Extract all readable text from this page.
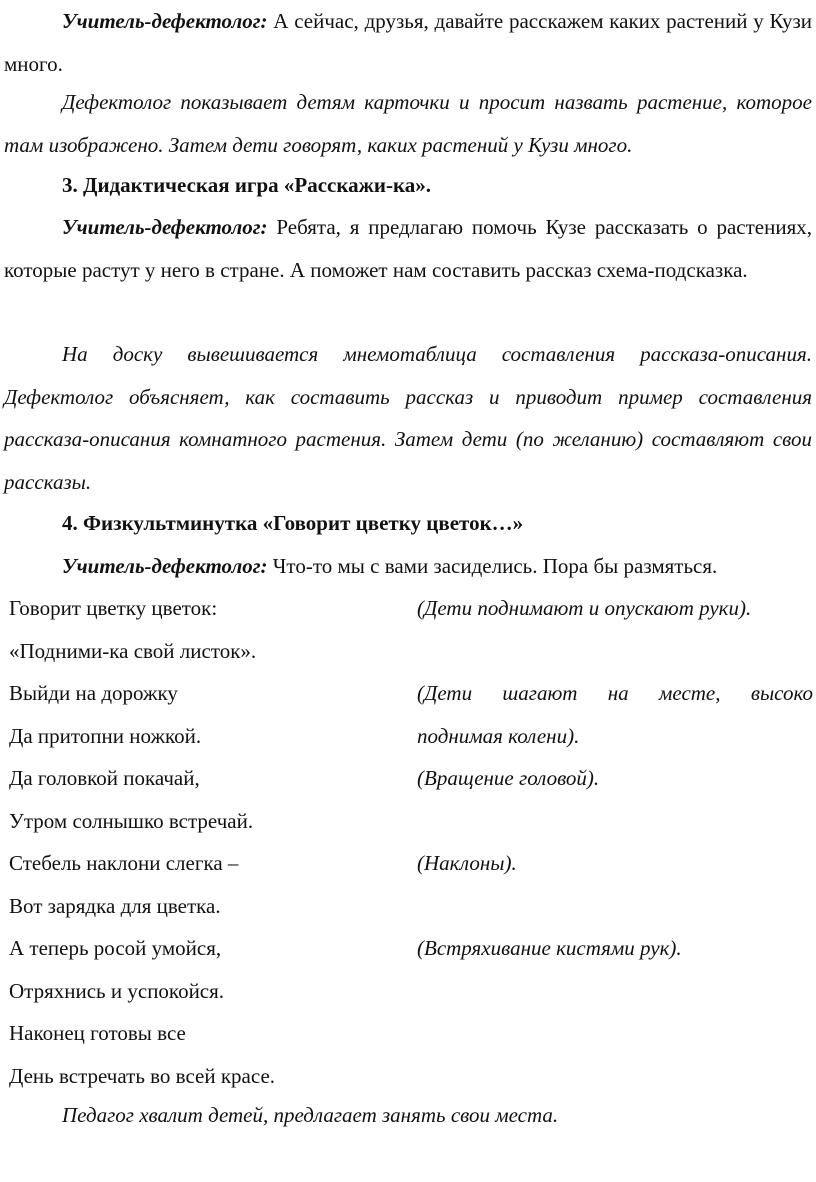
Учитель-дефектолог: А сейчас, друзья, давайте расскажем каких растений у Кузи много.

Дефектолог показывает детям карточки и просит назвать растение, которое там изображено. Затем дети говорят, каких растений у Кузи много.

3. Дидактическая игра «Расскажи-ка».

Учитель-дефектолог: Ребята, я предлагаю помочь Кузе рассказать о растениях, которые растут у него в стране. А поможет нам составить рассказ схема-подсказка.

На доску вывешивается мнемотаблица составления рассказа-описания. Дефектолог объясняет, как составить рассказ и приводит пример составления рассказа-описания комнатного растения. Затем дети (по желанию) составляют свои рассказы.

4. Физкультминутка «Говорит цветку цветок…»

Учитель-дефектолог: Что-то мы с вами засиделись. Пора бы размяться.

Говорит цветку цветок:	(Дети поднимают и опускают руки).
«Подними-ка свой листок».
Выйди на дорожку	(Дети шагают на месте, высоко
Да притопни ножкой.	поднимая колени).
Да головкой покачай,	(Вращение головой).
Утром солнышко встречай.
Стебель наклони слегка –	(Наклоны).
Вот зарядка для цветка.
А теперь росой умойся,	(Встряхивание кистями рук).
Отряхнись и успокойся.
Наконец готовы все
День встречать во всей красе.

Педагог хвалит детей, предлагает занять свои места.
